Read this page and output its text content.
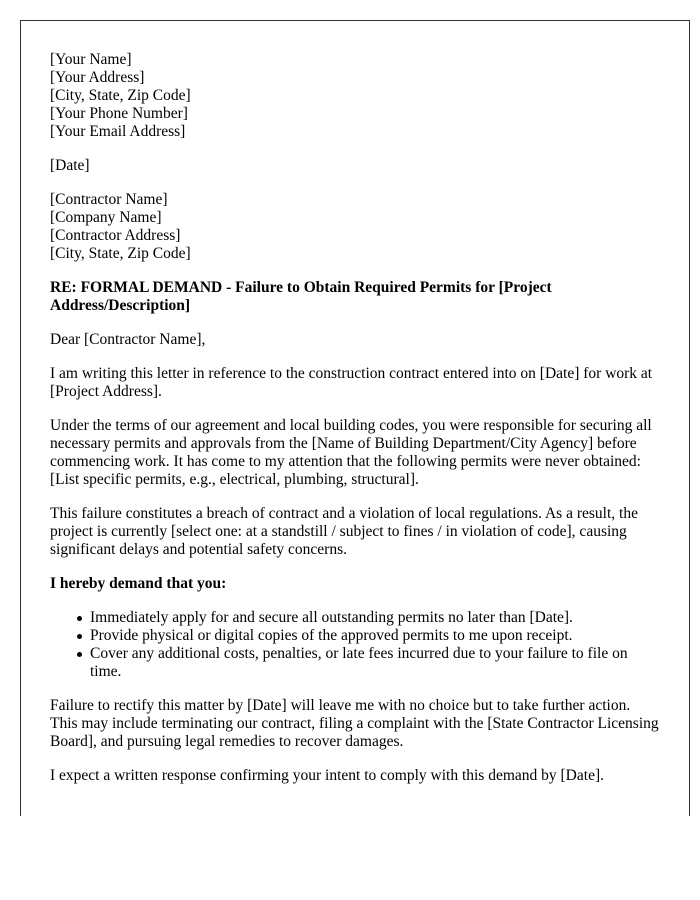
[Your Name]
[Your Address]
[City, State, Zip Code]
[Your Phone Number]
[Your Email Address]

[Date]

[Contractor Name]
[Company Name]
[Contractor Address]
[City, State, Zip Code]

RE: FORMAL DEMAND - Failure to Obtain Required Permits for [Project Address/Description]

Dear [Contractor Name],

I am writing this letter in reference to the construction contract entered into on [Date] for work at [Project Address].

Under the terms of our agreement and local building codes, you were responsible for securing all necessary permits and approvals from the [Name of Building Department/City Agency] before commencing work. It has come to my attention that the following permits were never obtained: [List specific permits, e.g., electrical, plumbing, structural].

This failure constitutes a breach of contract and a violation of local regulations. As a result, the project is currently [select one: at a standstill / subject to fines / in violation of code], causing significant delays and potential safety concerns.

I hereby demand that you:

Immediately apply for and secure all outstanding permits no later than [Date].
Provide physical or digital copies of the approved permits to me upon receipt.
Cover any additional costs, penalties, or late fees incurred due to your failure to file on time.

Failure to rectify this matter by [Date] will leave me with no choice but to take further action. This may include terminating our contract, filing a complaint with the [State Contractor Licensing Board], and pursuing legal remedies to recover damages.

I expect a written response confirming your intent to comply with this demand by [Date].
